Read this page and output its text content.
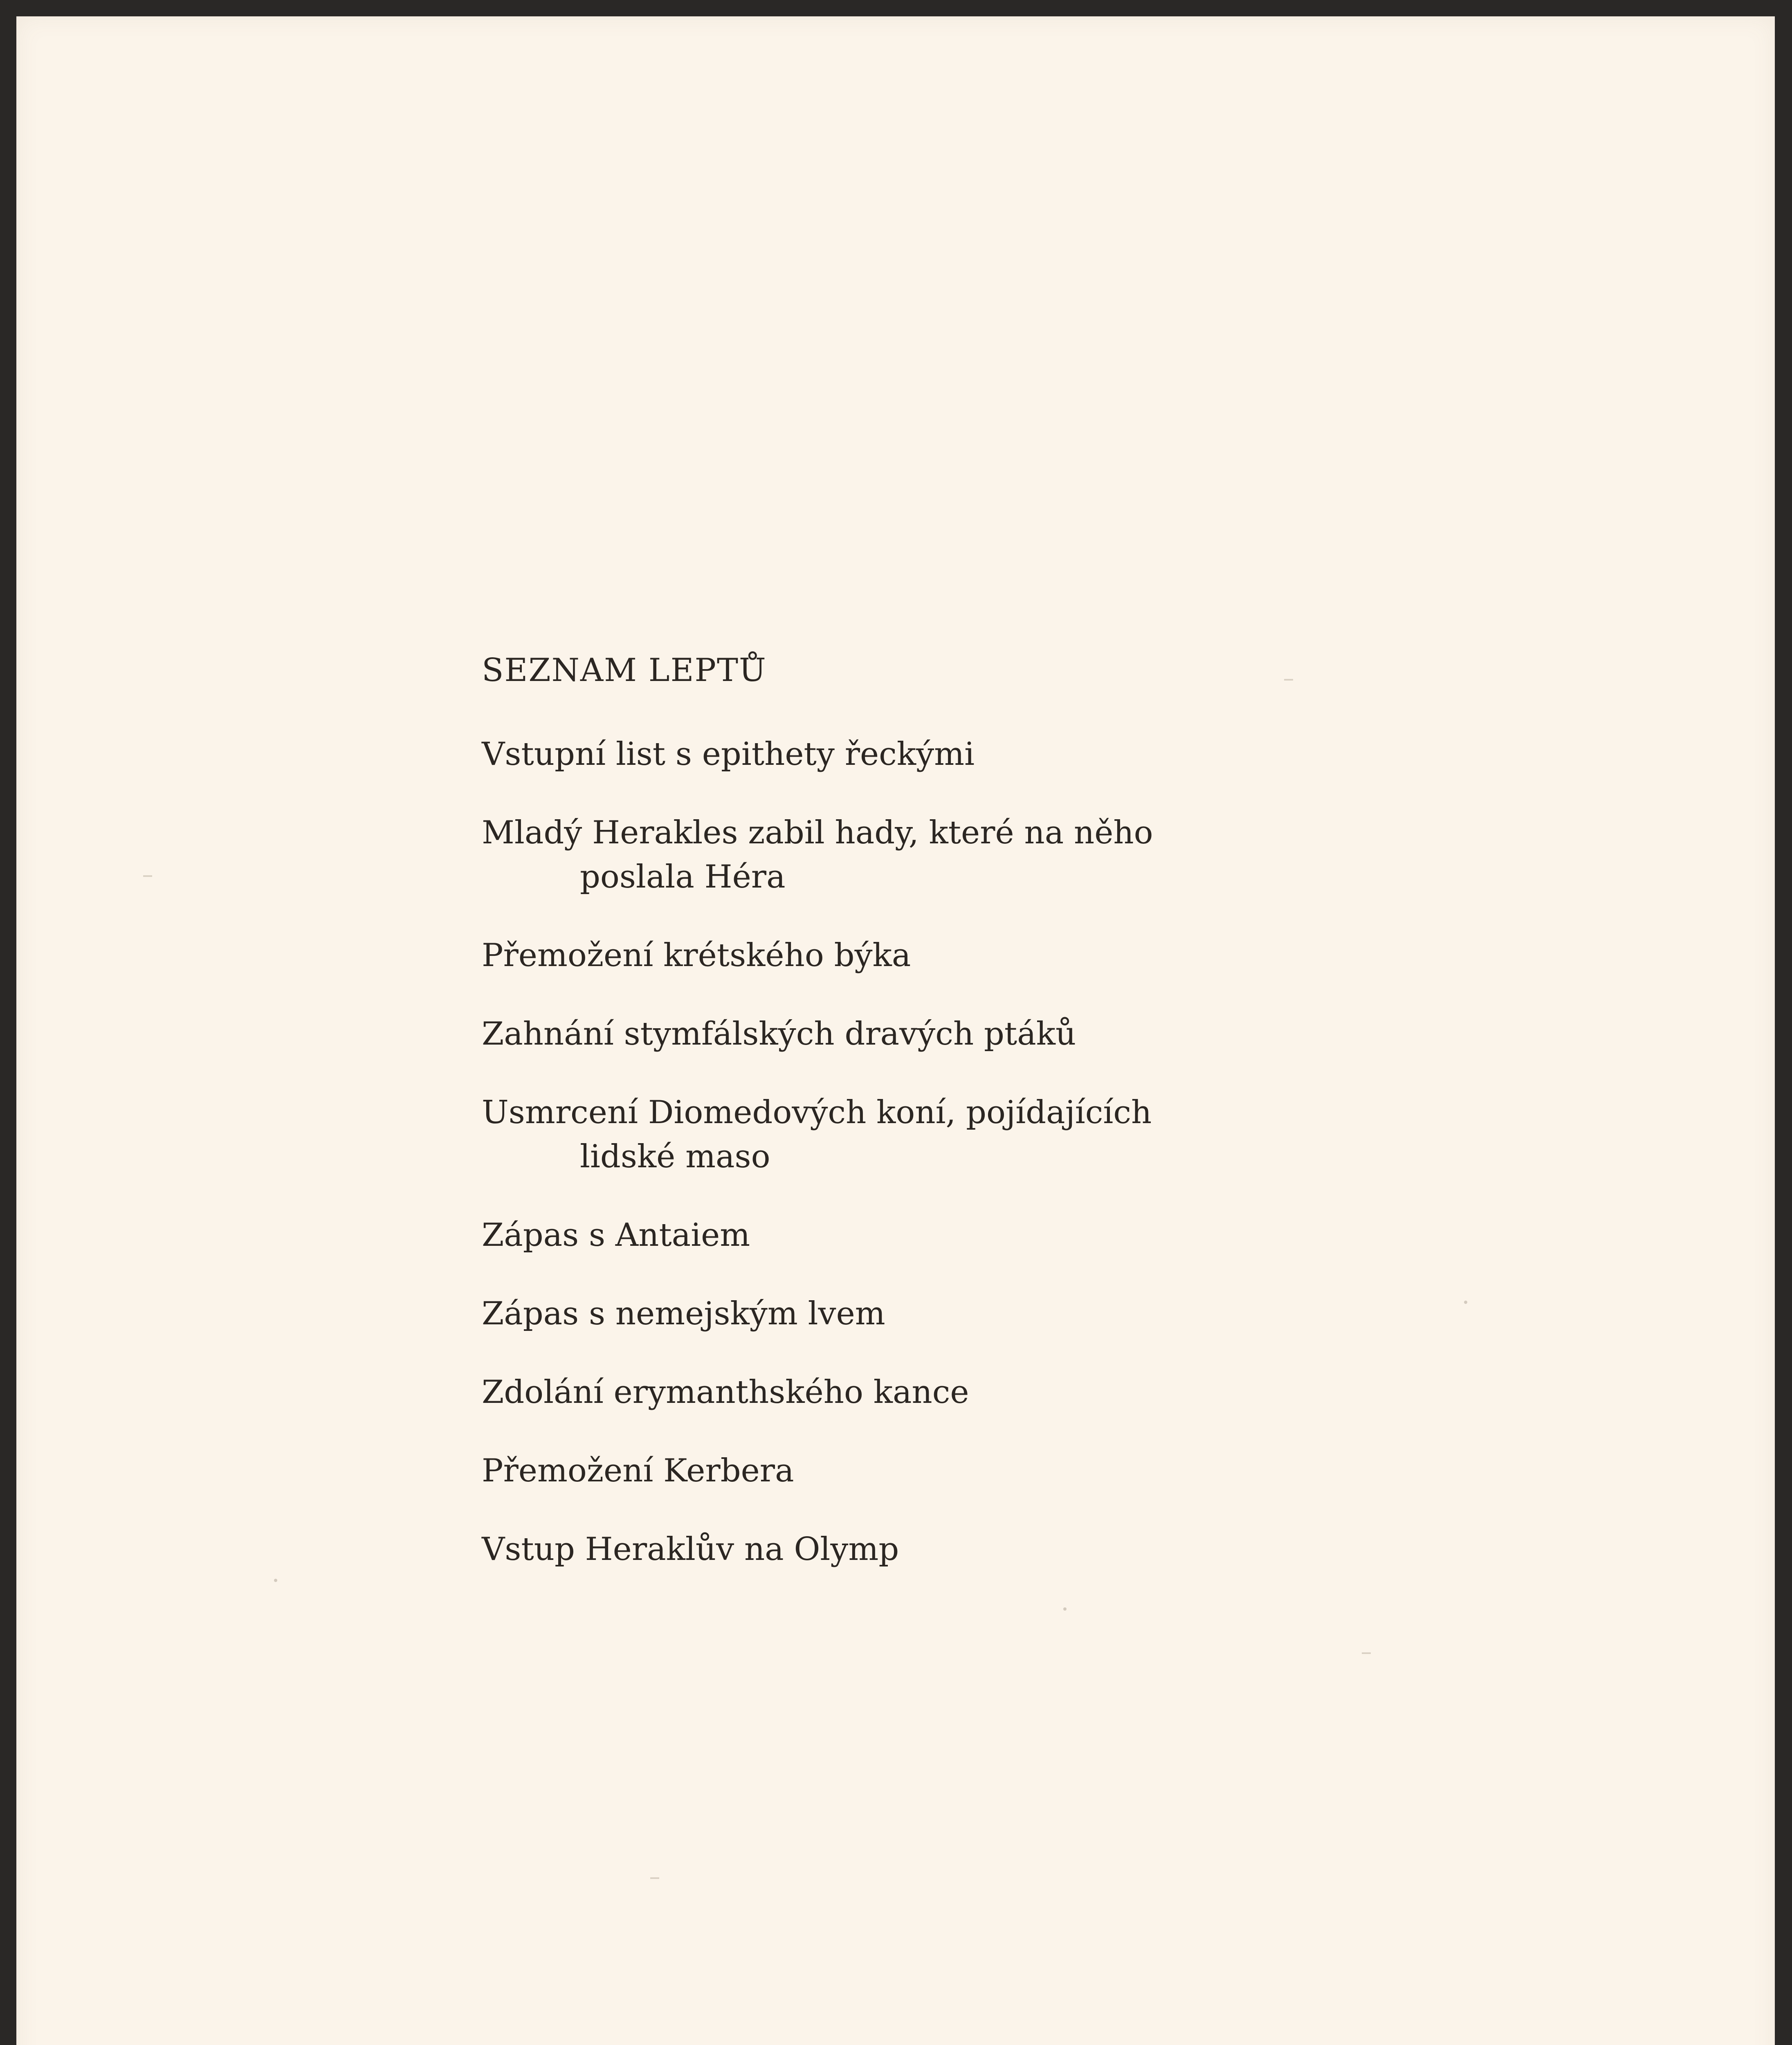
SEZNAM LEPTŮ
Vstupní list s epithety řeckými
Mladý Herakles zabil hady, které na něho
poslala Héra
Přemožení krétského býka
Zahnání stymfálských dravých ptáků
Usmrcení Diomedových koní, pojídajících
lidské maso
Zápas s Antaiem
Zápas s nemejským lvem
Zdolání erymanthského kance
Přemožení Kerbera
Vstup Heraklův na Olymp
